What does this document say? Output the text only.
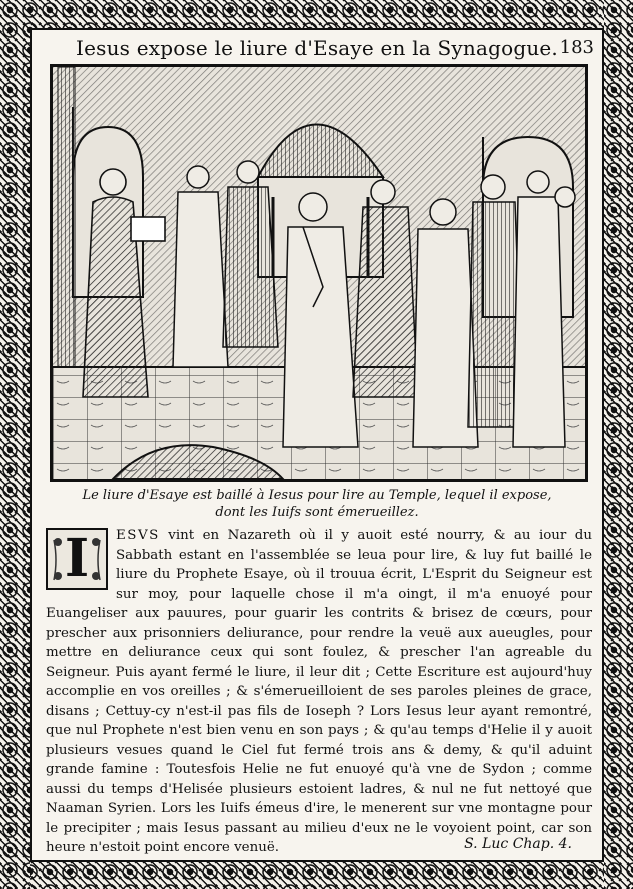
Iesus expose le liure d'Esaye en la Synagogue. 183
Le liure d'Esaye est baillé à Iesus pour lire au Temple, lequel il expose,
dont les Iuifs sont émerueillez.
I	ESVS vint en Nazareth où il y auoit esté nourry, & au iour du Sabbath estant en l'assemblée se leua pour lire, & luy fut baillé le liure du Prophete Esaye, où il trouua écrit, L'Esprit du Seigneur est sur moy, pour laquelle chose il m'a oingt, il m'a enuoyé pour Euangeliser aux pauures, pour guarir les contrits & brisez de cœurs, pour prescher aux prisonniers deliurance, pour rendre la veuë aux aueugles, pour mettre en deliurance ceux qui sont foulez, & prescher l'an agreable du Seigneur. Puis ayant fermé le liure, il leur dit ; Cette Escriture est aujourd'huy accomplie en vos oreilles ; & s'émerueilloient de ses paroles pleines de grace, disans ; Cettuy-cy n'est-il pas fils de Ioseph ? Lors Iesus leur ayant remontré, que nul Prophete n'est bien venu en son pays ; & qu'au temps d'Helie il y auoit plusieurs vesues quand le Ciel fut fermé trois ans & demy, & qu'il aduint grande famine : Toutesfois Helie ne fut enuoyé qu'à vne de Sydon ; comme aussi du temps d'Helisée plusieurs estoient ladres, & nul ne fut nettoyé que Naaman Syrien. Lors les Iuifs émeus d'ire, le menerent sur vne montagne pour le precipiter ; mais Iesus passant au milieu d'eux ne le voyoient point, car son heure n'estoit point encore venuë.	S. Luc Chap. 4.
